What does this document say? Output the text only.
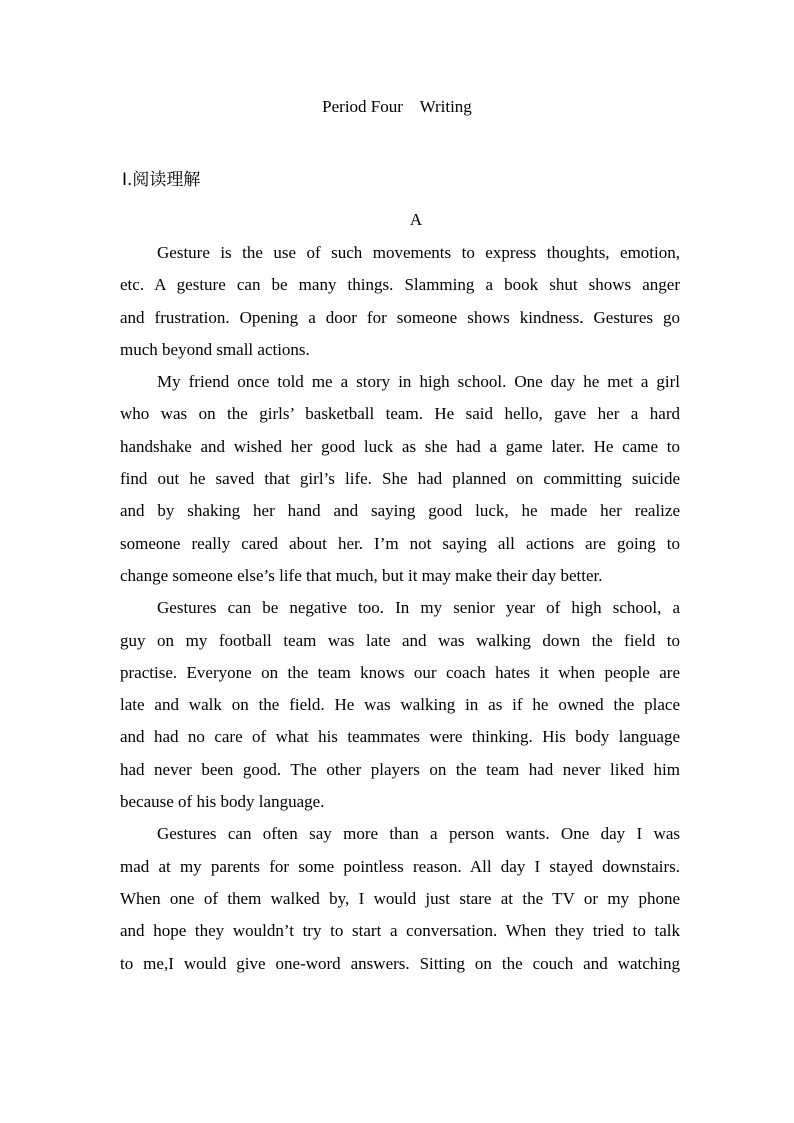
Period Four    Writing
Ⅰ.阅读理解
A
Gesture is the use of such movements to express thoughts, emotion,
etc. A gesture can be many things. Slamming a book shut shows anger
and frustration. Opening a door for someone shows kindness. Gestures go
much beyond small actions.
My friend once told me a story in high school. One day he met a girl
who was on the girls’ basketball team. He said hello, gave her a hard
handshake and wished her good luck as she had a game later. He came to
find out he saved that girl’s life. She had planned on committing suicide
and by shaking her hand and saying good luck, he made her realize
someone really cared about her. I’m not saying all actions are going to
change someone else’s life that much, but it may make their day better.
Gestures can be negative too. In my senior year of high school, a
guy on my football team was late and was walking down the field to
practise. Everyone on the team knows our coach hates it when people are
late and walk on the field. He was walking in as if he owned the place
and had no care of what his teammates were thinking. His body language
had never been good. The other players on the team had never liked him
because of his body language.
Gestures can often say more than a person wants. One day I was
mad at my parents for some pointless reason. All day I stayed downstairs.
When one of them walked by, I would just stare at the TV or my phone
and hope they wouldn’t try to start a conversation. When they tried to talk
to me,I would give one-word answers. Sitting on the couch and watching
